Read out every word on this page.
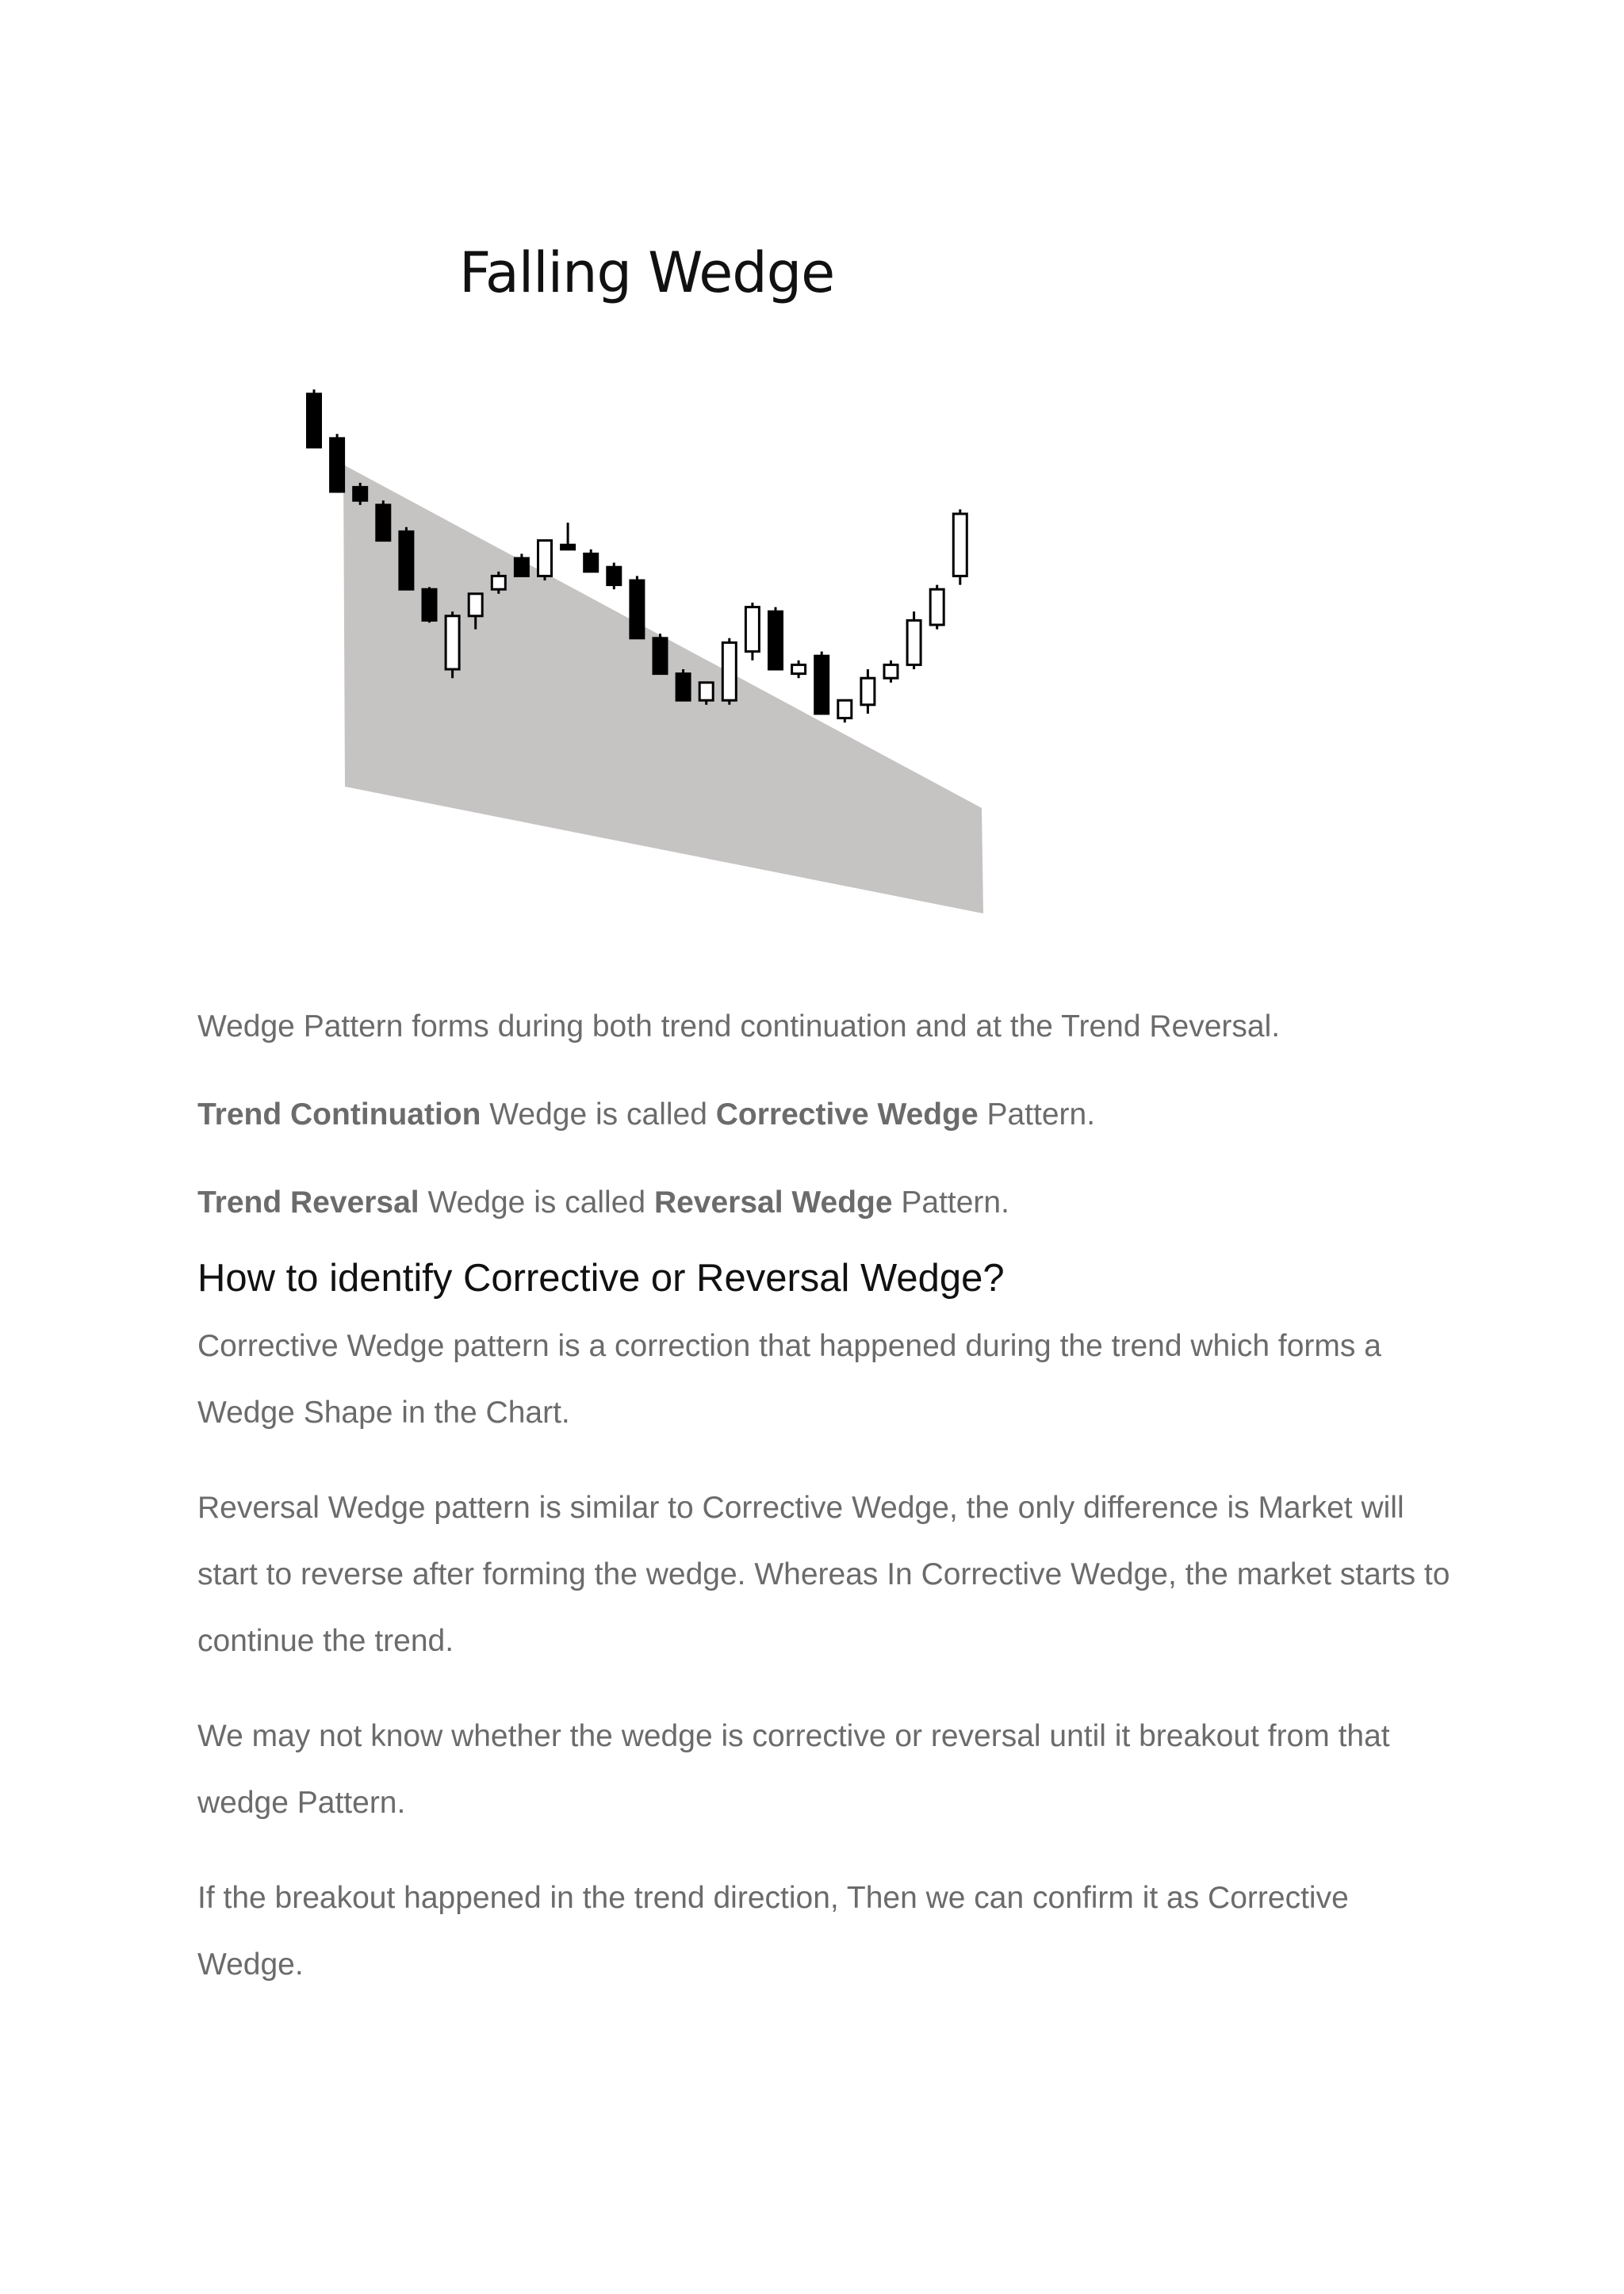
Falling Wedge

Wedge Pattern forms during both trend continuation and at the Trend Reversal.

Trend Continuation Wedge is called Corrective Wedge Pattern.

Trend Reversal Wedge is called Reversal Wedge Pattern.

How to identify Corrective or Reversal Wedge?

Corrective Wedge pattern is a correction that happened during the trend which forms a Wedge Shape in the Chart.

Reversal Wedge pattern is similar to Corrective Wedge, the only difference is Market will start to reverse after forming the wedge. Whereas In Corrective Wedge, the market starts to continue the trend.

We may not know whether the wedge is corrective or reversal until it breakout from that wedge Pattern.

If the breakout happened in the trend direction, Then we can confirm it as Corrective Wedge.
